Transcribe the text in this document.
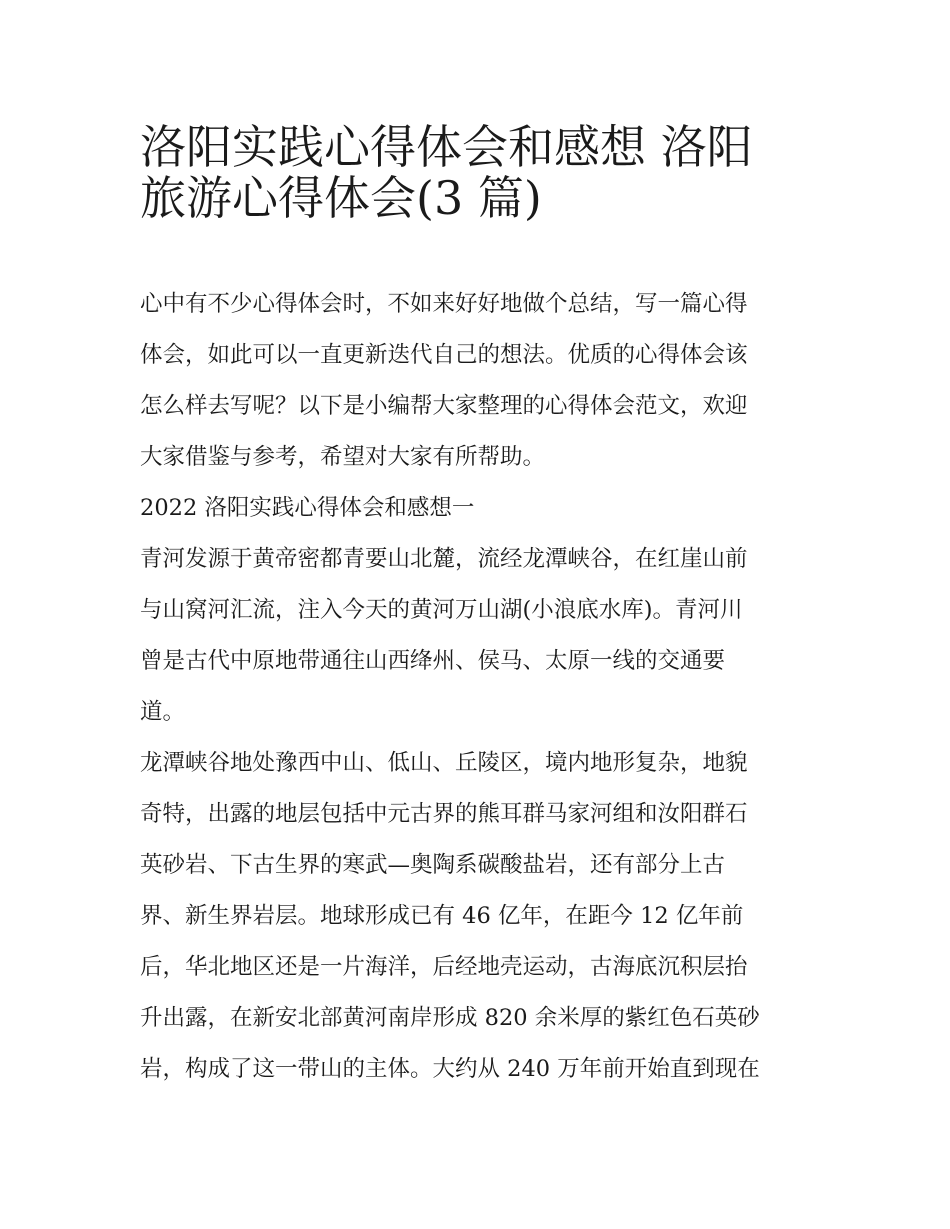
洛阳实践心得体会和感想 洛阳
旅游心得体会(3 篇)

心中有不少心得体会时，不如来好好地做个总结，写一篇心得
体会，如此可以一直更新迭代自己的想法。优质的心得体会该
怎么样去写呢？以下是小编帮大家整理的心得体会范文，欢迎
大家借鉴与参考，希望对大家有所帮助。

2022 洛阳实践心得体会和感想一

青河发源于黄帝密都青要山北麓，流经龙潭峡谷，在红崖山前
与山窝河汇流，注入今天的黄河万山湖(小浪底水库)。青河川
曾是古代中原地带通往山西绛州、侯马、太原一线的交通要
道。

龙潭峡谷地处豫西中山、低山、丘陵区，境内地形复杂，地貌
奇特，出露的地层包括中元古界的熊耳群马家河组和汝阳群石
英砂岩、下古生界的寒武—奥陶系碳酸盐岩，还有部分上古
界、新生界岩层。地球形成已有 46 亿年，在距今 12 亿年前
后，华北地区还是一片海洋，后经地壳运动，古海底沉积层抬
升出露，在新安北部黄河南岸形成 820 余米厚的紫红色石英砂
岩，构成了这一带山的主体。大约从 240 万年前开始直到现在
